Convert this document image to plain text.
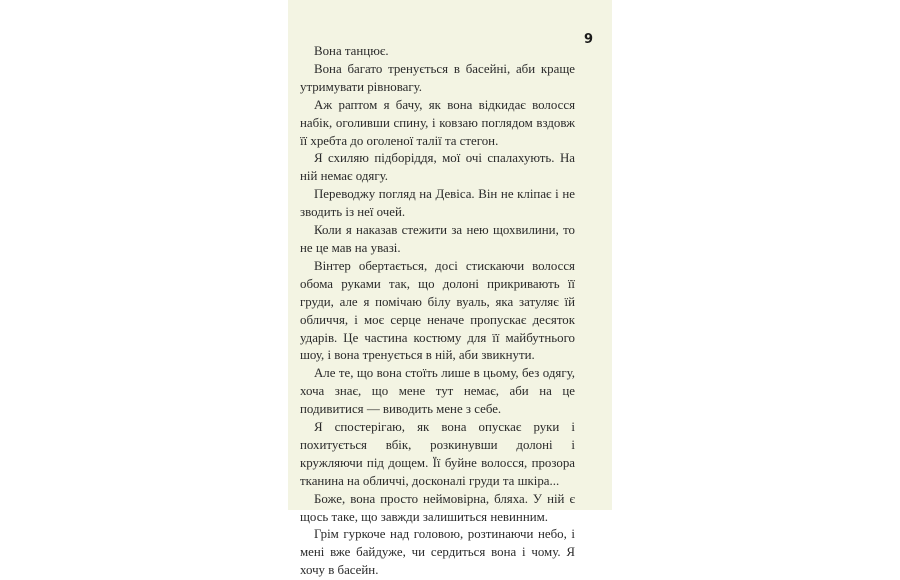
9

Вона танцює.

Вона багато тренується в басейні, аби краще утримувати рівновагу.

Аж раптом я бачу, як вона відкидає волосся набік, оголивши спину, і ковзаю поглядом вздовж її хребта до оголеної талії та стегон.

Я схиляю підборіддя, мої очі спалахують. На ній немає одягу.

Переводжу погляд на Девіса. Він не кліпає і не зводить із неї очей.

Коли я наказав стежити за нею щохвилини, то не це мав на увазі.

Вінтер обертається, досі стискаючи волосся обома руками так, що долоні прикривають її груди, але я помічаю білу вуаль, яка затуляє їй обличчя, і моє серце неначе пропускає десяток ударів. Це частина костюму для її майбутнього шоу, і вона тренується в ній, аби звикнути.

Але те, що вона стоїть лише в цьому, без одягу, хоча знає, що мене тут немає, аби на це подивитися — виводить мене з себе.

Я спостерігаю, як вона опускає руки і похитується вбік, розкинувши долоні і кружляючи під дощем. Її буйне волосся, прозора тканина на обличчі, досконалі груди та шкіра...

Боже, вона просто неймовірна, бляха. У ній є щось таке, що завжди залишиться невинним.

Грім гуркоче над головою, розтинаючи небо, і мені вже байдуже, чи сердиться вона і чому. Я хочу в басейн.
